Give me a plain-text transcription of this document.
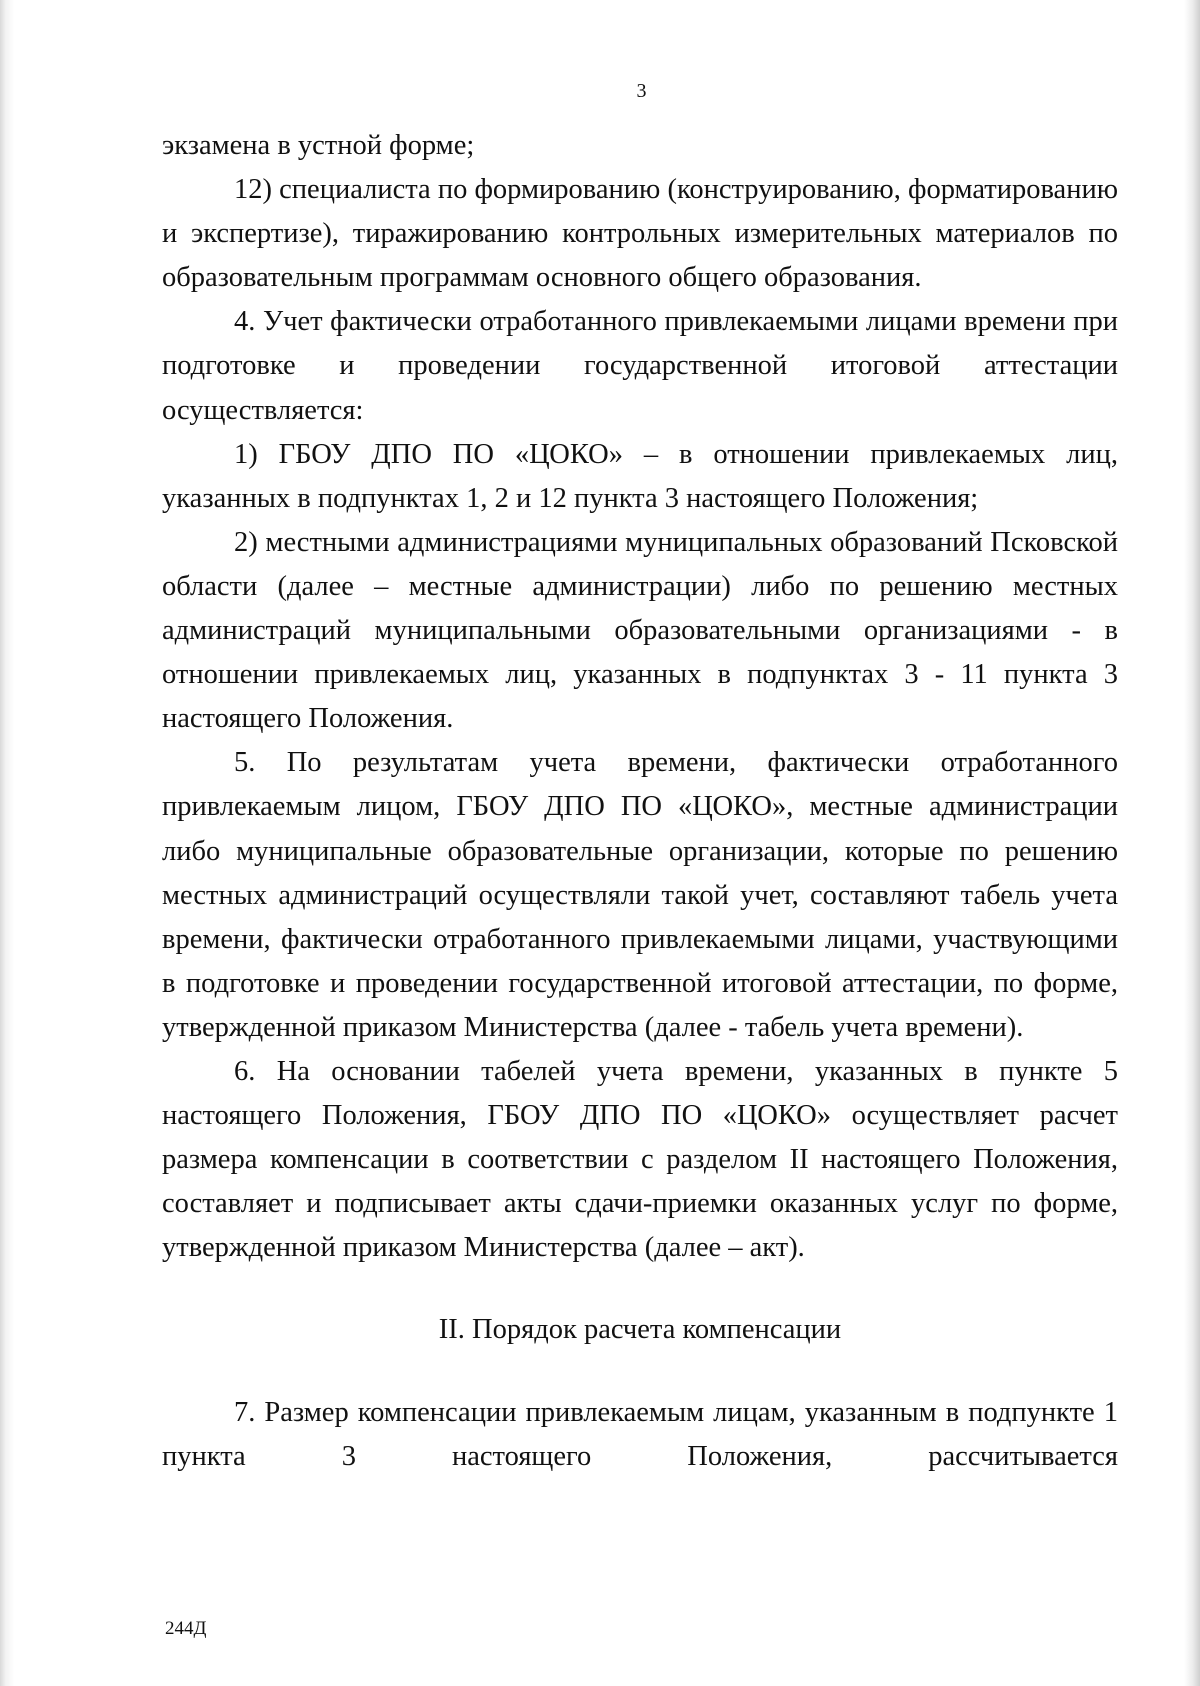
3

экзамена в устной форме;

12) специалиста по формированию (конструированию, форматированию и экспертизе), тиражированию контрольных измерительных материалов по образовательным программам основного общего образования.

4. Учет фактически отработанного привлекаемыми лицами времени при подготовке и проведении государственной итоговой аттестации осуществляется:

1) ГБОУ ДПО ПО «ЦОКО» – в отношении привлекаемых лиц, указанных в подпунктах 1, 2 и 12 пункта 3 настоящего Положения;

2) местными администрациями муниципальных образований Псковской области (далее – местные администрации) либо по решению местных администраций муниципальными образовательными организациями - в отношении привлекаемых лиц, указанных в подпунктах 3 - 11 пункта 3 настоящего Положения.

5. По результатам учета времени, фактически отработанного привлекаемым лицом, ГБОУ ДПО ПО «ЦОКО», местные администрации либо муниципальные образовательные организации, которые по решению местных администраций осуществляли такой учет, составляют табель учета времени, фактически отработанного привлекаемыми лицами, участвующими в подготовке и проведении государственной итоговой аттестации, по форме, утвержденной приказом Министерства (далее - табель учета времени).

6. На основании табелей учета времени, указанных в пункте 5 настоящего Положения, ГБОУ ДПО ПО «ЦОКО» осуществляет расчет размера компенсации в соответствии с разделом II настоящего Положения, составляет и подписывает акты сдачи-приемки оказанных услуг по форме, утвержденной приказом Министерства (далее – акт).

II. Порядок расчета компенсации

7. Размер компенсации привлекаемым лицам, указанным в подпункте 1 пункта 3 настоящего Положения, рассчитывается

244Д
